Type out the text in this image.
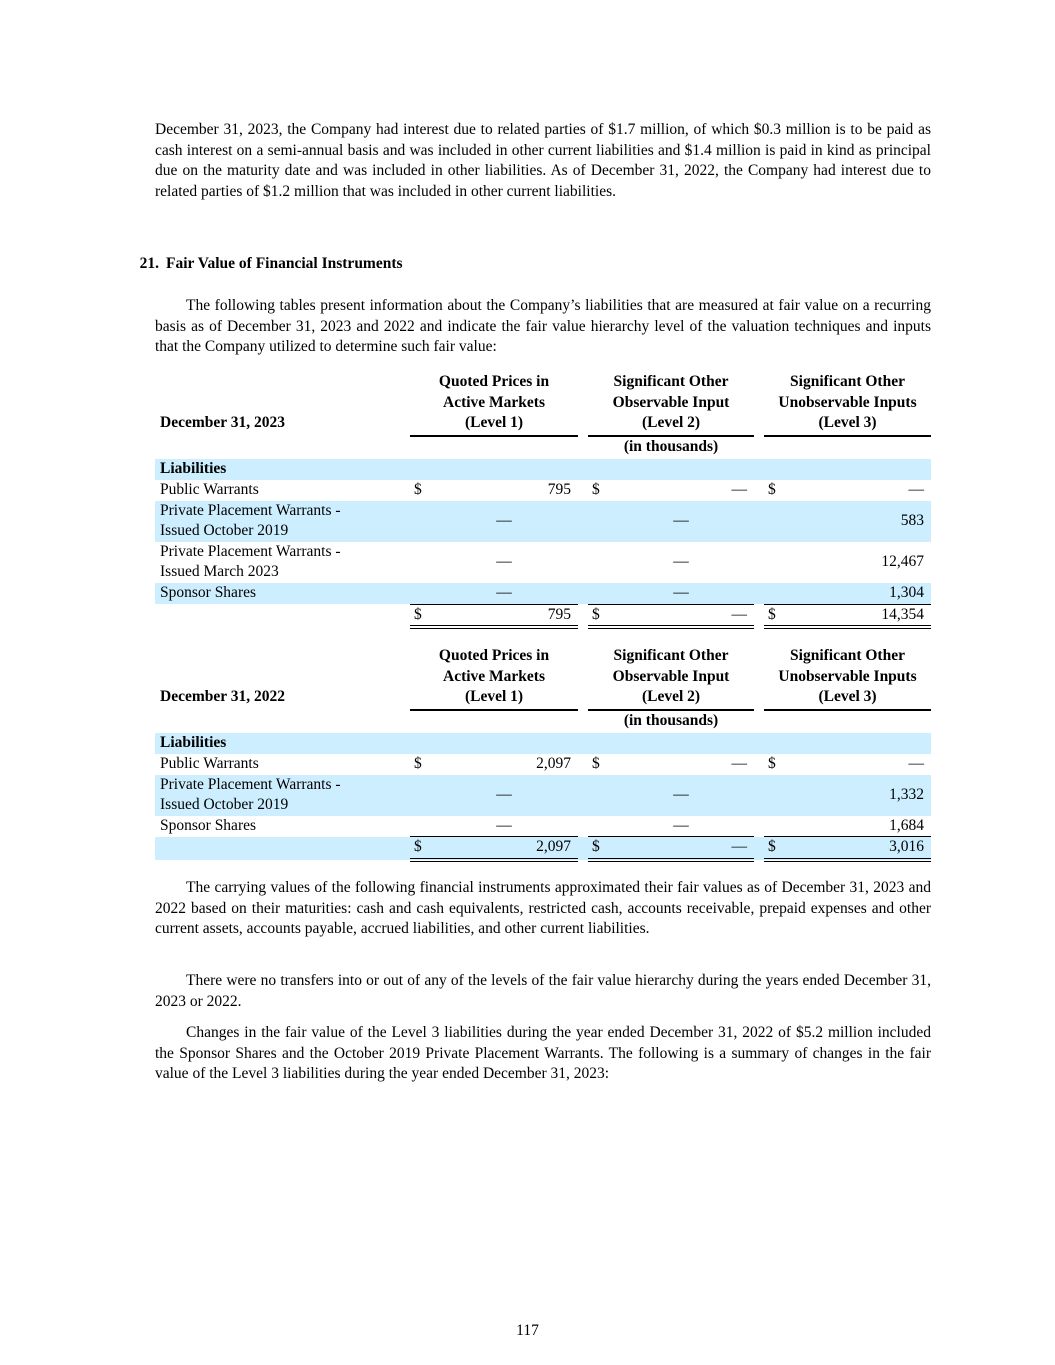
December 31, 2023, the Company had interest due to related parties of $1.7 million, of which $0.3 million is to be paid as cash interest on a semi-annual basis and was included in other current liabilities and $1.4 million is paid in kind as principal due on the maturity date and was included in other liabilities. As of December 31, 2022, the Company had interest due to related parties of $1.2 million that was included in other current liabilities.

21. Fair Value of Financial Instruments

The following tables present information about the Company’s liabilities that are measured at fair value on a recurring basis as of December 31, 2023 and 2022 and indicate the fair value hierarchy level of the valuation techniques and inputs that the Company utilized to determine such fair value:

December 31, 2023	
Quoted Prices in
Active Markets
(Level 1)

Significant Other
Observable Input
(Level 2)

Significant Other
Unobservable Inputs
(Level 3)

				(in thousands)				

Liabilities								
Public Warrants	$	795		$	—		$	—

Private Placement Warrants -
Issued October 2019		—			—			583

Private Placement Warrants -
Issued March 2023		—			—			12,467
Sponsor Shares		—			—			1,304
	$	795		$	—		$	14,354
December 31, 2022	
Quoted Prices in
Active Markets
(Level 1)

Significant Other
Observable Input
(Level 2)

Significant Other
Unobservable Inputs
(Level 3)

				(in thousands)				

Liabilities								
Public Warrants	$	2,097		$	—		$	—

Private Placement Warrants -
Issued October 2019		—			—			1,332
Sponsor Shares		—			—			1,684
	$	2,097		$	—		$	3,016

The carrying values of the following financial instruments approximated their fair values as of December 31, 2023 and 2022 based on their maturities: cash and cash equivalents, restricted cash, accounts receivable, prepaid expenses and other current assets, accounts payable, accrued liabilities, and other current liabilities.

There were no transfers into or out of any of the levels of the fair value hierarchy during the years ended December 31, 2023 or 2022.

Changes in the fair value of the Level 3 liabilities during the year ended December 31, 2022 of $5.2 million included the Sponsor Shares and the October 2019 Private Placement Warrants. The following is a summary of changes in the fair value of the Level 3 liabilities during the year ended December 31, 2023:

117
